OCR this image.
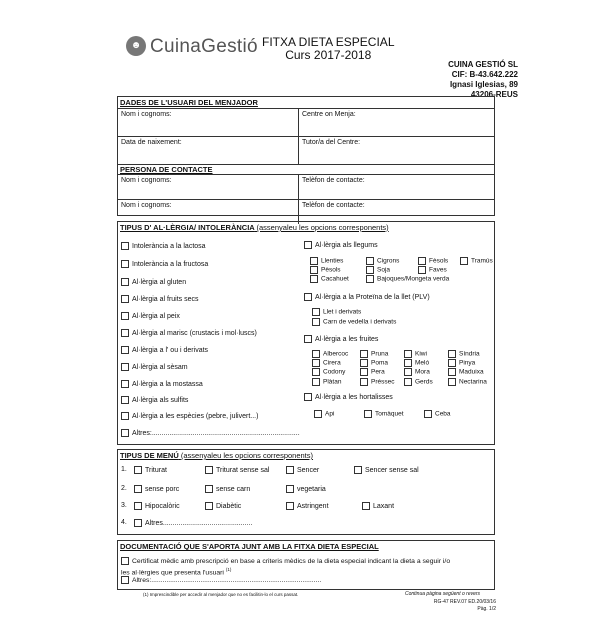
☻ CuinaGestió FITXA DIETA ESPECIAL
Curs 2017-2018
CUINA GESTIÓ SL
CIF: B-43.642.222
Ignasi Iglesias, 89
43206-REUS
DADES DE L'USUARI DEL MENJADOR
Nom i cognoms:	Centre on Menja:
Data de naixement:	Tutor/a del Centre:
PERSONA DE CONTACTE
Nom i cognoms:	Telèfon de contacte:
Nom i cognoms:	Telèfon de contacte:
TIPUS D' AL·LÈRGIA/ INTOLERÀNCIA (assenyaleu les opcions corresponents)
Intolerància a la lactosa
Intolerància a la fructosa
Al·lèrgia al gluten
Al·lèrgia al fruits secs
Al·lèrgia al peix
Al·lèrgia al marisc (crustacis i mol·luscs)
Al·lèrgia a l' ou i derivats
Al·lèrgia al sèsam
Al·lèrgia a la mostassa
Al·lèrgia als sulfits
Al·lèrgia a les espècies (pebre, julivert...)
Altres:............................................................................
Al·lèrgia als llegums
Llenties	Cigrons	Fèsols	Tramús
Pèsols	Soja	Faves
Cacahuet	Bajoques/Mongeta verda
Al·lèrgia a la Proteïna de la llet (PLV)
Llet i derivats
Carn de vedella i derivats
Al·lèrgia a les fruites
Albercoc	Pruna	Kiwi	Síndria
Cirera	Poma	Meló	Pinya
Codony	Pera	Mora	Maduixa
Plàtan	Préssec	Gerds	Nectarina
Al·lèrgia a les hortalisses
Api	Tomàquet	Ceba
TIPUS DE MENÚ (assenyaleu les opcions corresponents)
1.	Triturat	Triturat sense sal	Sencer	Sencer sense sal
2.	sense porc	sense carn	vegetaria
3.	Hipocalòric	Diabètic	Astringent	Laxant
4.	Altres..............................................
DOCUMENTACIÓ QUE S'APORTA JUNT AMB LA FITXA DIETA ESPECIAL
Certificat mèdic amb prescripció en base a criteris mèdics de la dieta especial indicant la dieta a seguir i/o
les al·lèrgies que presenta l'usuari $^{(1)}$
Altres:..........................................................................................
(1) Imprescindible per accedir al menjador que no es facilitin-lo el curs passat.	Continua pàgina següent o revers
RG-47 REV.07 ED.20/03/16
Pàg. 1/2
